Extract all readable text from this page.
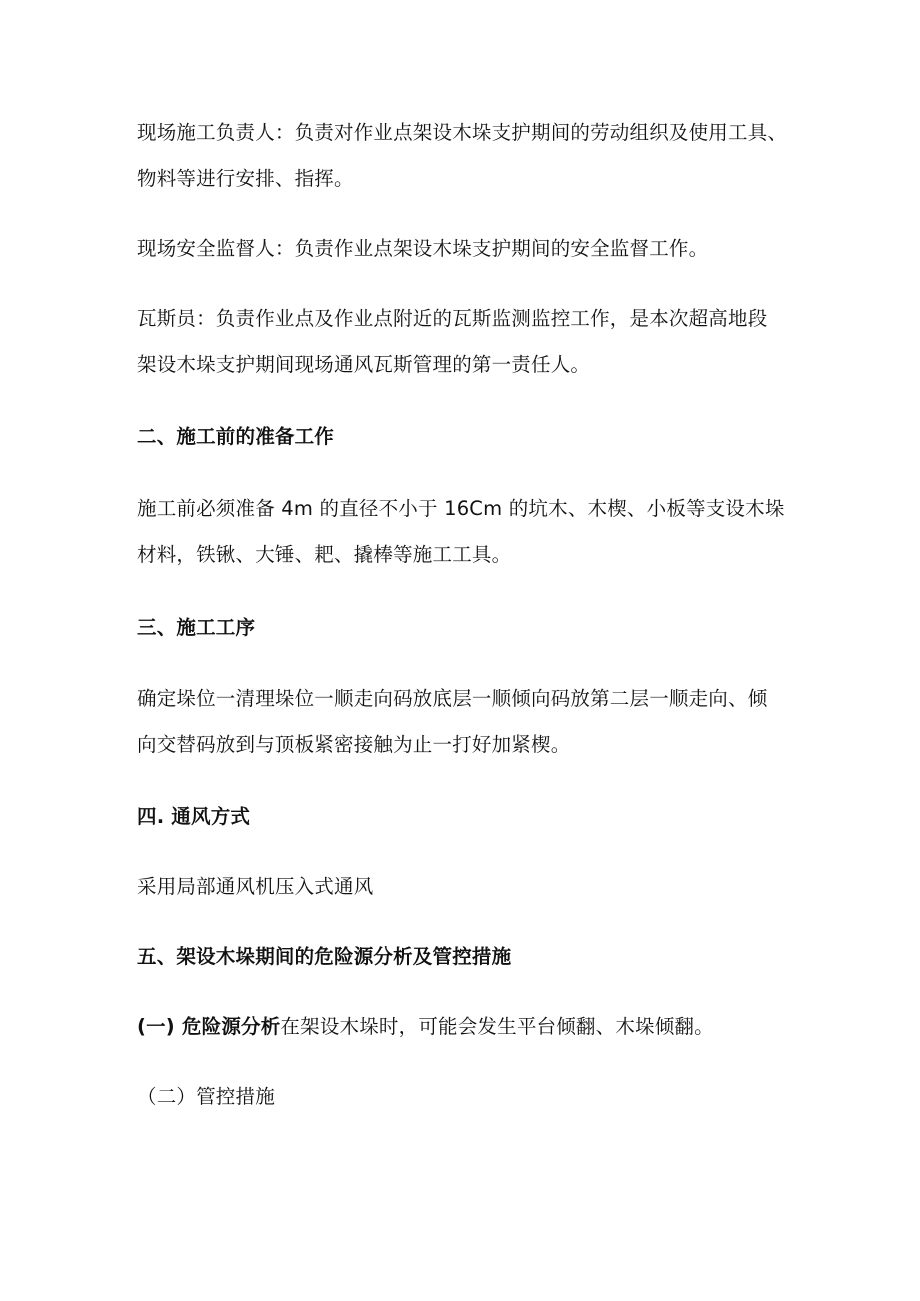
现场施工负责人：负责对作业点架设木垛支护期间的劳动组织及使用工具、
物料等进行安排、指挥。
现场安全监督人：负责作业点架设木垛支护期间的安全监督工作。
瓦斯员：负责作业点及作业点附近的瓦斯监测监控工作，是本次超高地段
架设木垛支护期间现场通风瓦斯管理的第一责任人。
二、施工前的准备工作
施工前必须准备 4m 的直径不小于 16Cm 的坑木、木楔、小板等支设木垛
材料，铁锹、大锤、耙、撬棒等施工工具。
三、施工工序
确定垛位一清理垛位一顺走向码放底层一顺倾向码放第二层一顺走向、倾
向交替码放到与顶板紧密接触为止一打好加紧楔。
四. 通风方式
采用局部通风机压入式通风
五、架设木垛期间的危险源分析及管控措施
(一) 危险源分析在架设木垛时，可能会发生平台倾翻、木垛倾翻。
（二）管控措施
